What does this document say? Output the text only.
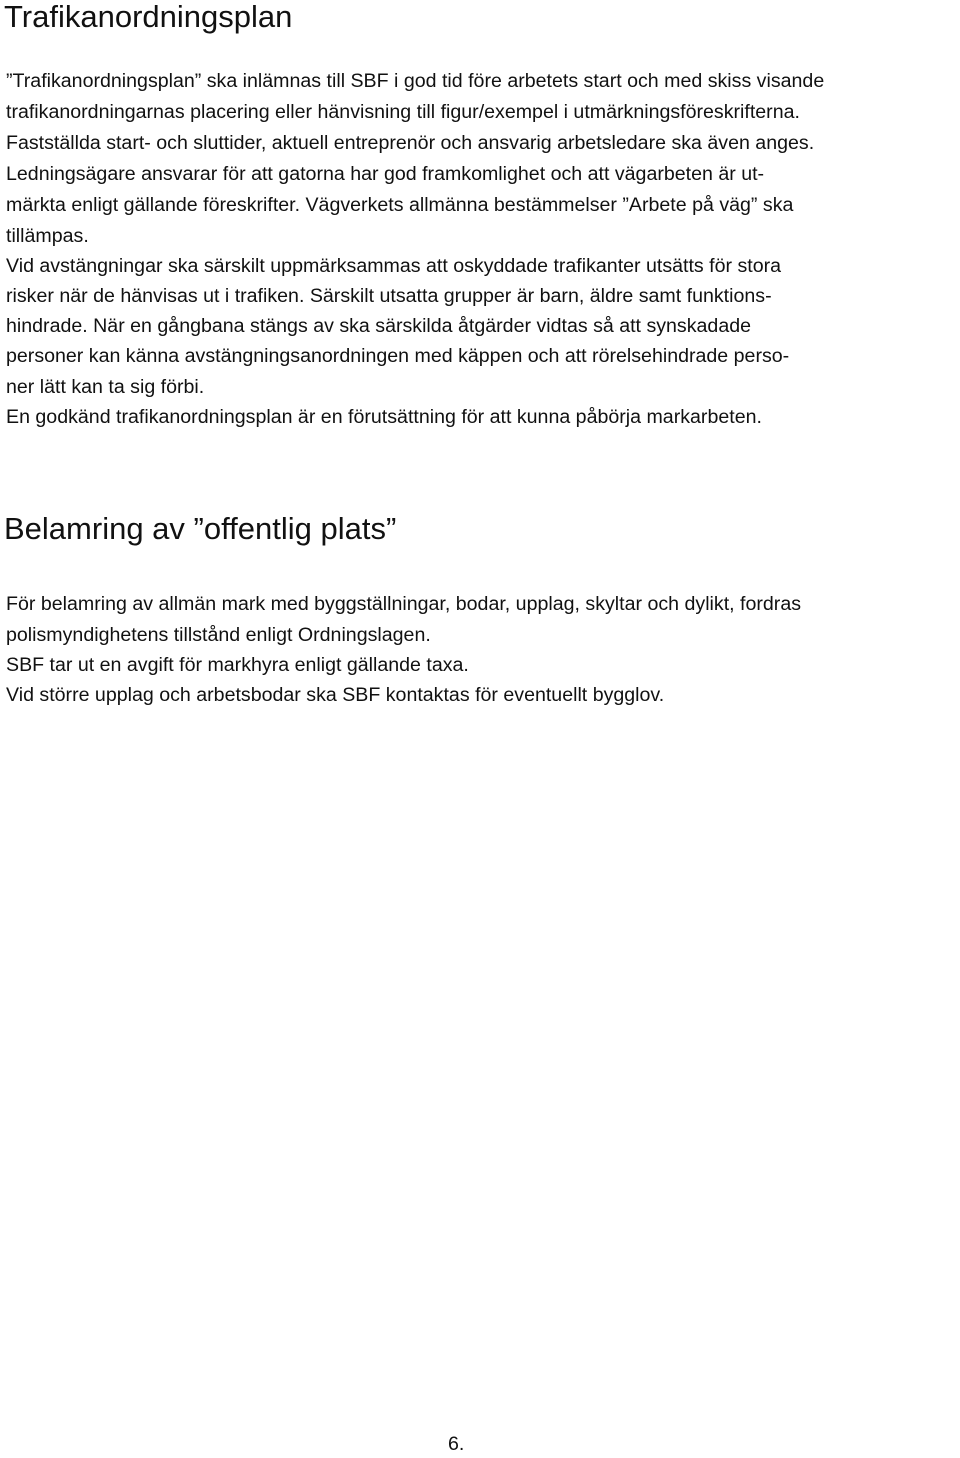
Trafikanordningsplan

”Trafikanordningsplan” ska inlämnas till SBF i god tid före arbetets start och med skiss visande

trafikanordningarnas placering eller hänvisning till figur/exempel i utmärkningsföreskrifterna.

Fastställda start- och sluttider, aktuell entreprenör och ansvarig arbetsledare ska även anges.

Ledningsägare ansvarar för att gatorna har god framkomlighet och att vägarbeten är ut-

märkta enligt gällande föreskrifter. Vägverkets allmänna bestämmelser ”Arbete på väg” ska

tillämpas.

Vid avstängningar ska särskilt uppmärksammas att oskyddade trafikanter utsätts för stora

risker när de hänvisas ut i trafiken. Särskilt utsatta grupper är barn, äldre samt funktions-

hindrade. När en gångbana stängs av ska särskilda åtgärder vidtas så att synskadade

personer kan känna avstängningsanordningen med käppen och att rörelsehindrade perso-

ner lätt kan ta sig förbi.

En godkänd trafikanordningsplan är en förutsättning för att kunna påbörja markarbeten.

Belamring av ”offentlig plats”

För belamring av allmän mark med byggställningar, bodar, upplag, skyltar och dylikt, fordras

polismyndighetens tillstånd enligt Ordningslagen.

SBF tar ut en avgift för markhyra enligt gällande taxa.

Vid större upplag och arbetsbodar ska SBF kontaktas för eventuellt bygglov.

6.
